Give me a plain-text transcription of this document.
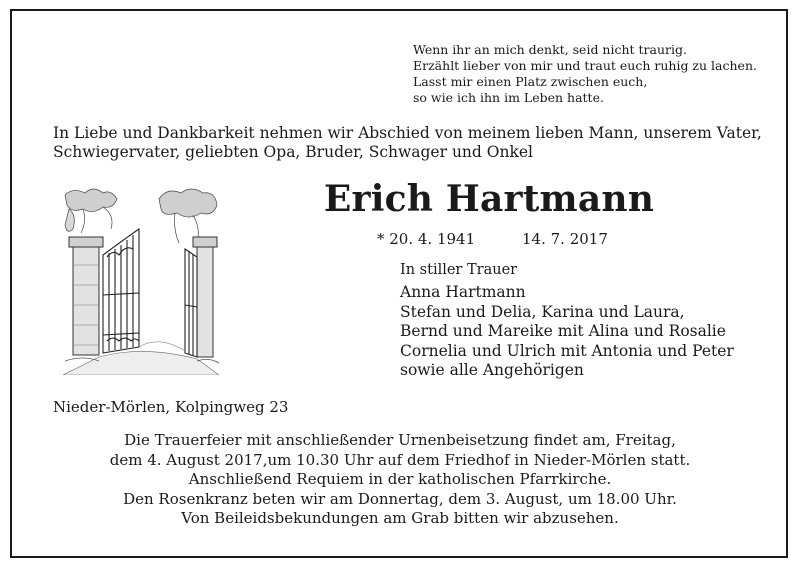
Wenn ihr an mich denkt, seid nicht traurig.
Erzählt lieber von mir und traut euch ruhig zu lachen.
Lasst mir einen Platz zwischen euch,
so wie ich ihn im Leben hatte.
In Liebe und Dankbarkeit nehmen wir Abschied von meinem lieben Mann, unserem Vater,
Schwiegervater, geliebten Opa, Bruder, Schwager und Onkel
Erich Hartmann
* 20. 4. 1941	14. 7. 2017
In stiller Trauer
Anna Hartmann
Stefan und Delia, Karina und Laura,
Bernd und Mareike mit Alina und Rosalie
Cornelia und Ulrich mit Antonia und Peter
sowie alle Angehörigen
Nieder-Mörlen, Kolpingweg 23
Die Trauerfeier mit anschließender Urnenbeisetzung findet am, Freitag,
dem 4. August 2017,um 10.30 Uhr auf dem Friedhof in Nieder-Mörlen statt.
Anschließend Requiem in der katholischen Pfarrkirche.
Den Rosenkranz beten wir am Donnertag, dem 3. August, um 18.00 Uhr.
Von Beileidsbekundungen am Grab bitten wir abzusehen.
